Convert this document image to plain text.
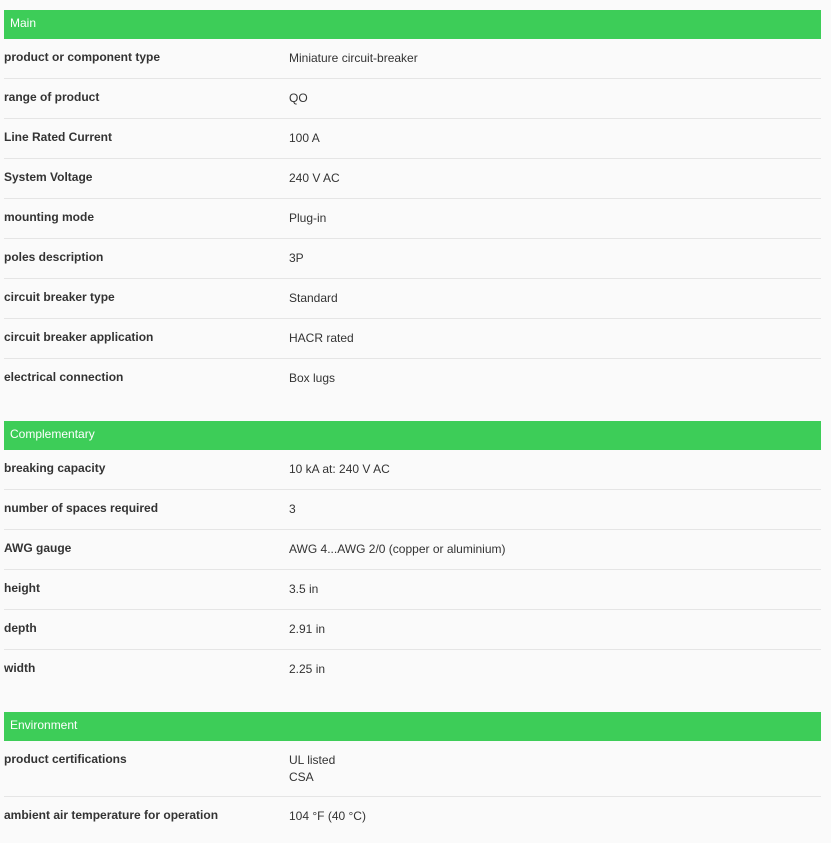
Main
product or component type	Miniature circuit-breaker
range of product	QO
Line Rated Current	100 A
System Voltage	240 V AC
mounting mode	Plug-in
poles description	3P
circuit breaker type	Standard
circuit breaker application	HACR rated
electrical connection	Box lugs
Complementary
breaking capacity	10 kA at: 240 V AC
number of spaces required	3
AWG gauge	AWG 4...AWG 2/0 (copper or aluminium)
height	3.5 in
depth	2.91 in
width	2.25 in
Environment
product certifications	UL listed
CSA
ambient air temperature for operation	104 °F (40 °C)
